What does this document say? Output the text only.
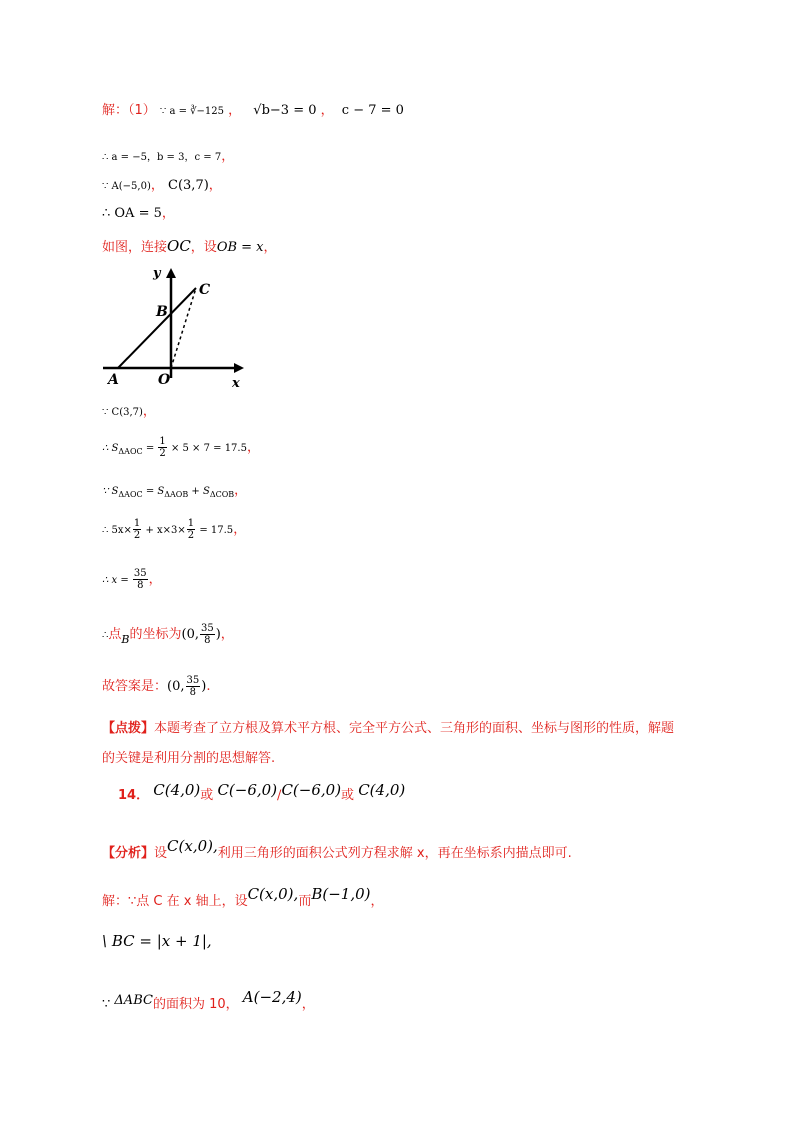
解：（1） ∵ a = ∛−125 ， √b−3 = 0 ， c − 7 = 0
∴ a = −5，b = 3，c = 7，
∵ A(−5,0)， C(3,7)，
∴ OA = 5，
如图，连接OC，设OB = x，
y
x
A	O
B
C
∵ C(3,7)，
∴ $S_{\Delta AOC} = \frac{1}{2} \times 5 \times 7 = 17.5$，
∵ $S_{\Delta AOC} = S_{\Delta AOB} + S_{\Delta COB}$，
∴ $5x\times \frac{1}{2} + x\times 3\times \frac{1}{2} = 17.5$，
∴ $x = \frac{35}{8}$ ，
∴点$_B$的坐标为(0, $\frac{35}{8}$ )，
故答案是：(0, $\frac{35}{8}$ ).
【点拨】本题考查了立方根及算术平方根、完全平方公式、三角形的面积、坐标与图形的性质，解题
的关键是利用分割的思想解答.
14． C(4,0)或 C(−6,0)/C(−6,0)或 C(4,0)
【分析】设C(x,0),利用三角形的面积公式列方程求解 x，再在坐标系内描点即可.
解：∵点 C 在 x 轴上，设C(x,0),而B(−1,0)，
\ BC = |x + 1|,
∵ ΔABC的面积为 10， A(−2,4)，
